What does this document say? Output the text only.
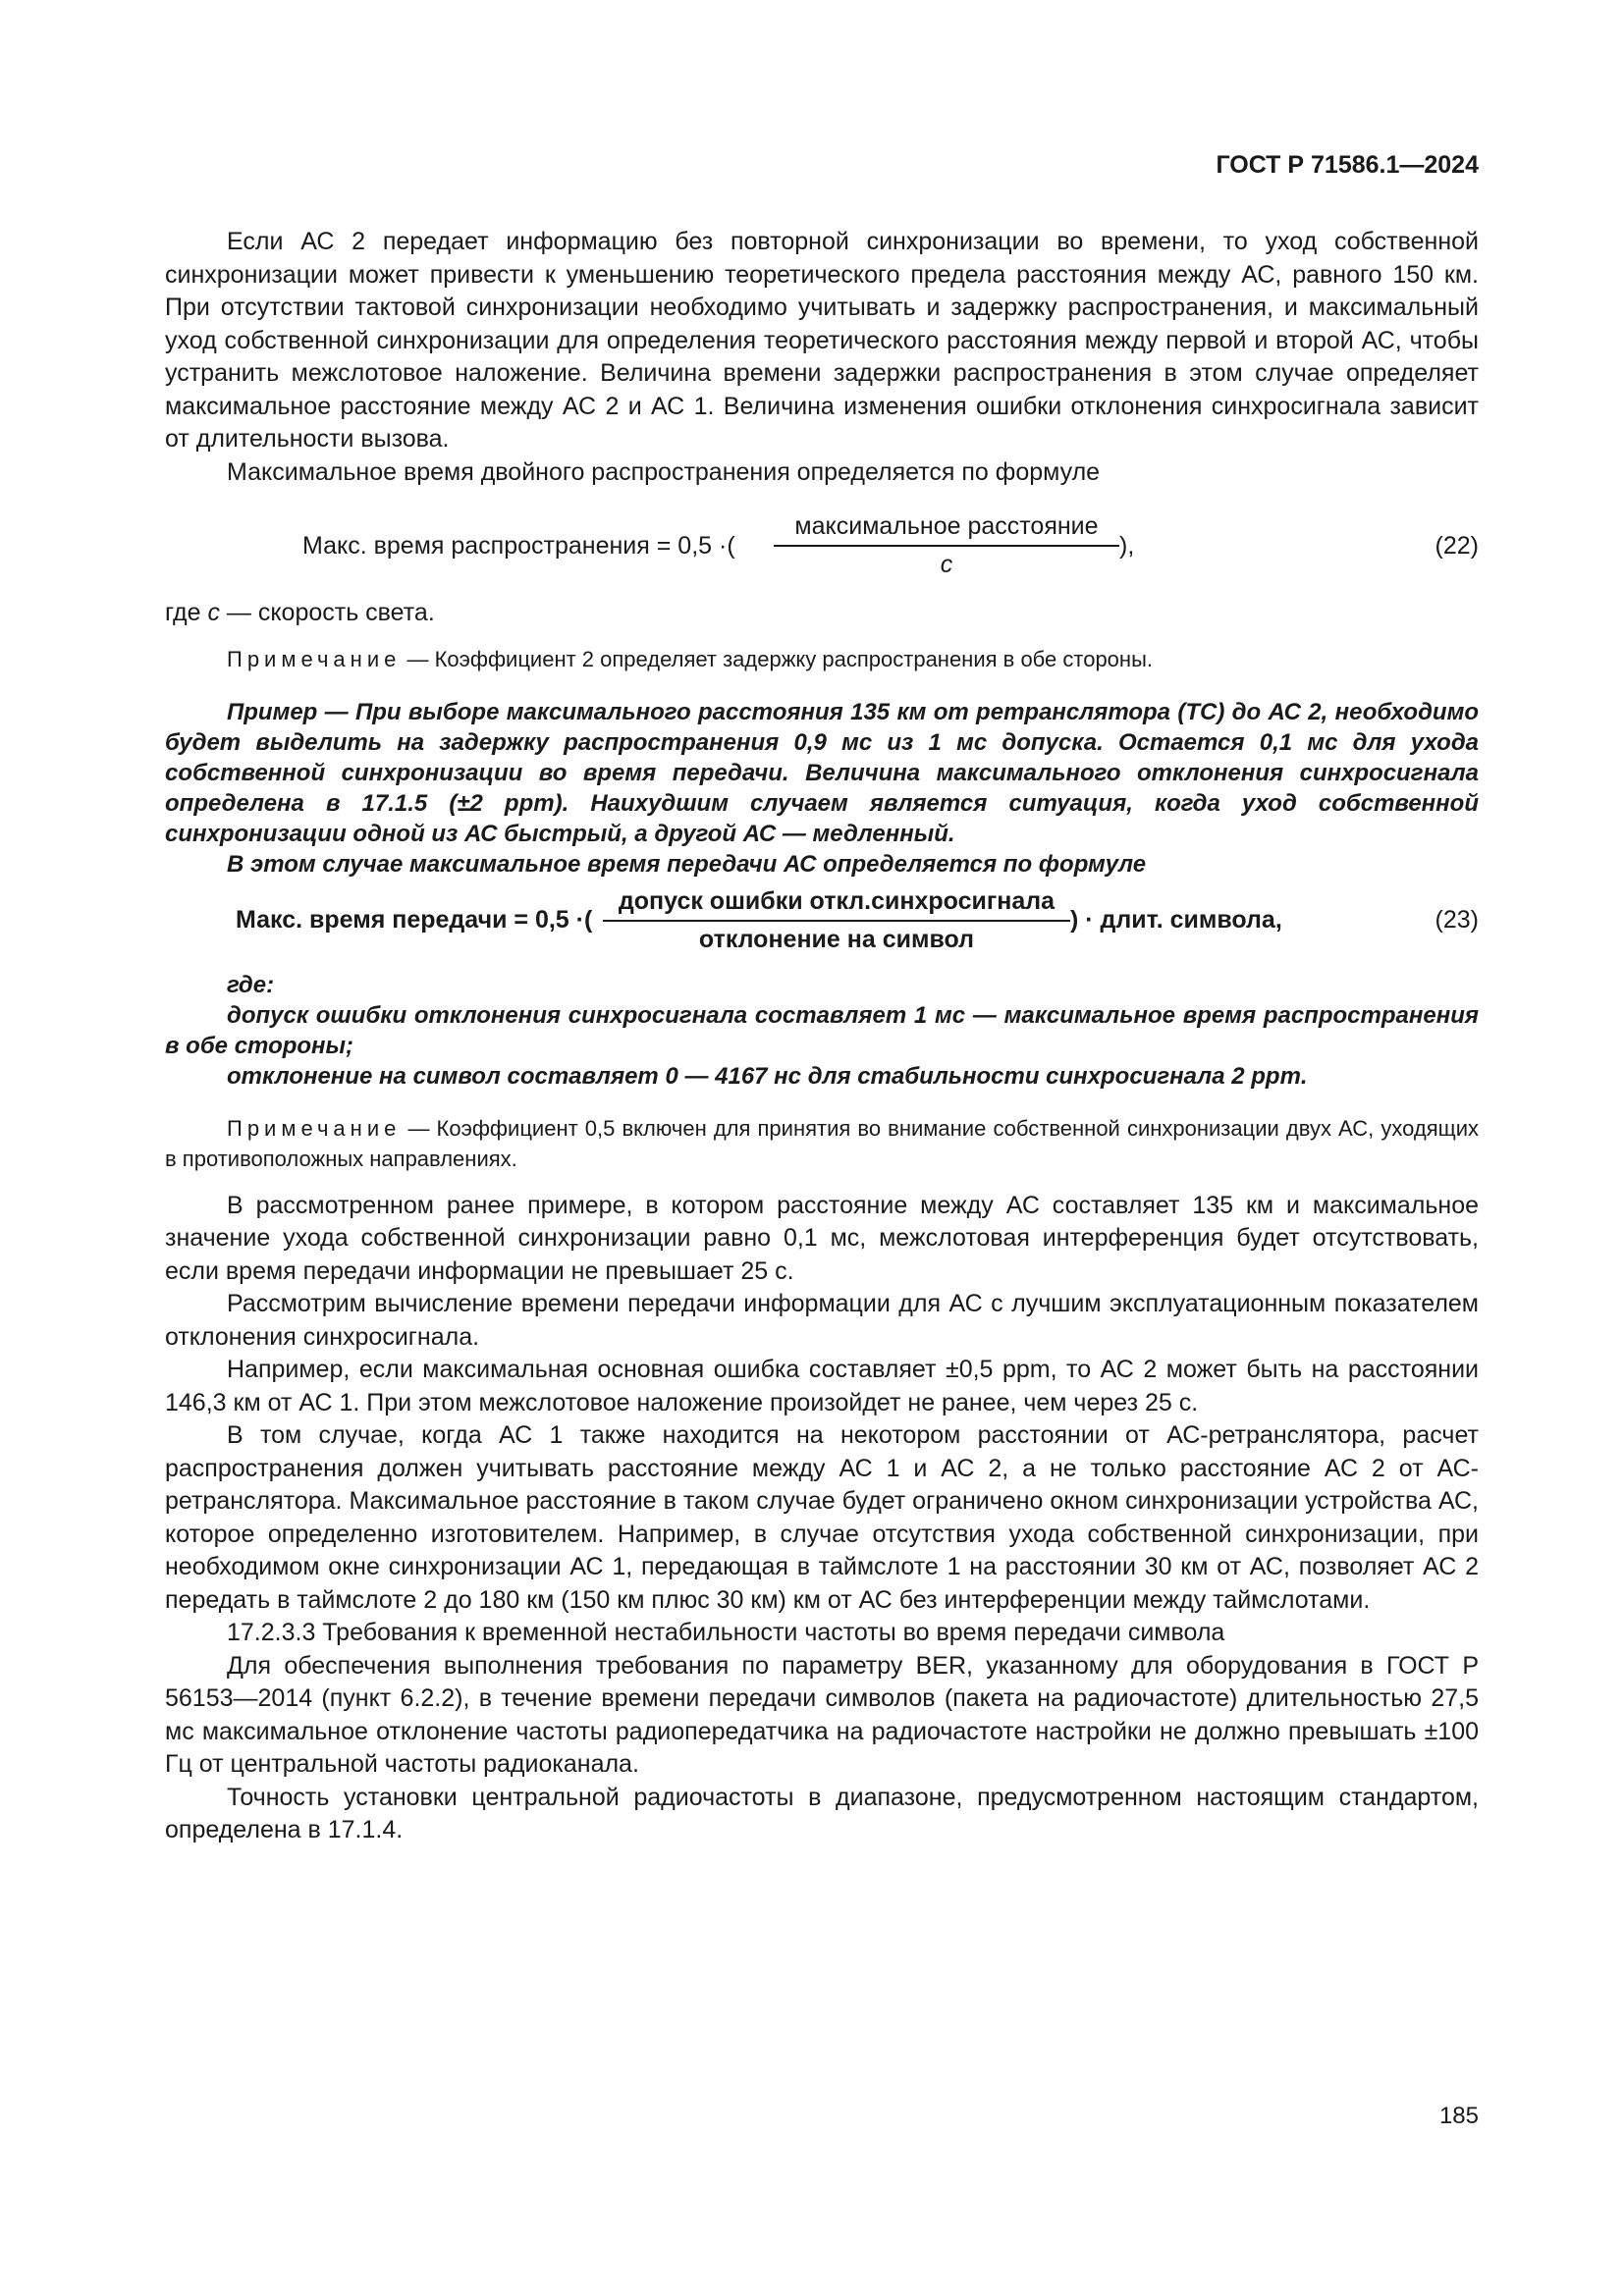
ГОСТ Р 71586.1—2024

Если АС 2 передает информацию без повторной синхронизации во времени, то уход собственной синхронизации может привести к уменьшению теоретического предела расстояния между АС, равного 150 км. При отсутствии тактовой синхронизации необходимо учитывать и задержку распространения, и максимальный уход собственной синхронизации для определения теоретического расстояния между первой и второй АС, чтобы устранить межслотовое наложение. Величина времени задержки распространения в этом случае определяет максимальное расстояние между АС 2 и АС 1. Величина изменения ошибки отклонения синхросигнала зависит от длительности вызова.

Максимальное время двойного распространения определяется по формуле

Макс. время распространения = 0,5 ·(
максимальное расстояние
c
),	(22)

где c — скорость света.

Примечание — Коэффициент 2 определяет задержку распространения в обе стороны.

Пример — При выборе максимального расстояния 135 км от ретранслятора (ТС) до АС 2, необходимо будет выделить на задержку распространения 0,9 мс из 1 мс допуска. Остается 0,1 мс для ухода собственной синхронизации во время передачи. Величина максимального отклонения синхросигнала определена в 17.1.5 (±2 ppm). Наихудшим случаем является ситуация, когда уход собственной синхронизации одной из АС быстрый, а другой АС — медленный.

В этом случае максимальное время передачи АС определяется по формуле

Макс. время передачи = 0,5 ·(
допуск ошибки откл.синхросигнала
отклонение на символ
) · длит. символа,	(23)

где:

допуск ошибки отклонения синхросигнала составляет 1 мс — максимальное время распространения в обе стороны;

отклонение на символ составляет 0 — 4167 нс для стабильности синхросигнала 2 ppm.

Примечание — Коэффициент 0,5 включен для принятия во внимание собственной синхронизации двух АС, уходящих в противоположных направлениях.

В рассмотренном ранее примере, в котором расстояние между АС составляет 135 км и максимальное значение ухода собственной синхронизации равно 0,1 мс, межслотовая интерференция будет отсутствовать, если время передачи информации не превышает 25 с.

Рассмотрим вычисление времени передачи информации для АС с лучшим эксплуатационным показателем отклонения синхросигнала.

Например, если максимальная основная ошибка составляет ±0,5 ppm, то АС 2 может быть на расстоянии 146,3 км от АС 1. При этом межслотовое наложение произойдет не ранее, чем через 25 с.

В том случае, когда АС 1 также находится на некотором расстоянии от АС-ретранслятора, расчет распространения должен учитывать расстояние между АС 1 и АС 2, а не только расстояние АС 2 от АС-ретранслятора. Максимальное расстояние в таком случае будет ограничено окном синхронизации устройства АС, которое определенно изготовителем. Например, в случае отсутствия ухода собственной синхронизации, при необходимом окне синхронизации АС 1, передающая в таймслоте 1 на расстоянии 30 км от АС, позволяет АС 2 передать в таймслоте 2 до 180 км (150 км плюс 30 км) км от АС без интерференции между таймслотами.

17.2.3.3 Требования к временной нестабильности частоты во время передачи символа

Для обеспечения выполнения требования по параметру BER, указанному для оборудования в ГОСТ Р 56153—2014 (пункт 6.2.2), в течение времени передачи символов (пакета на радиочастоте) длительностью 27,5 мс максимальное отклонение частоты радиопередатчика на радиочастоте настройки не должно превышать ±100 Гц от центральной частоты радиоканала.

Точность установки центральной радиочастоты в диапазоне, предусмотренном настоящим стандартом, определена в 17.1.4.

185
